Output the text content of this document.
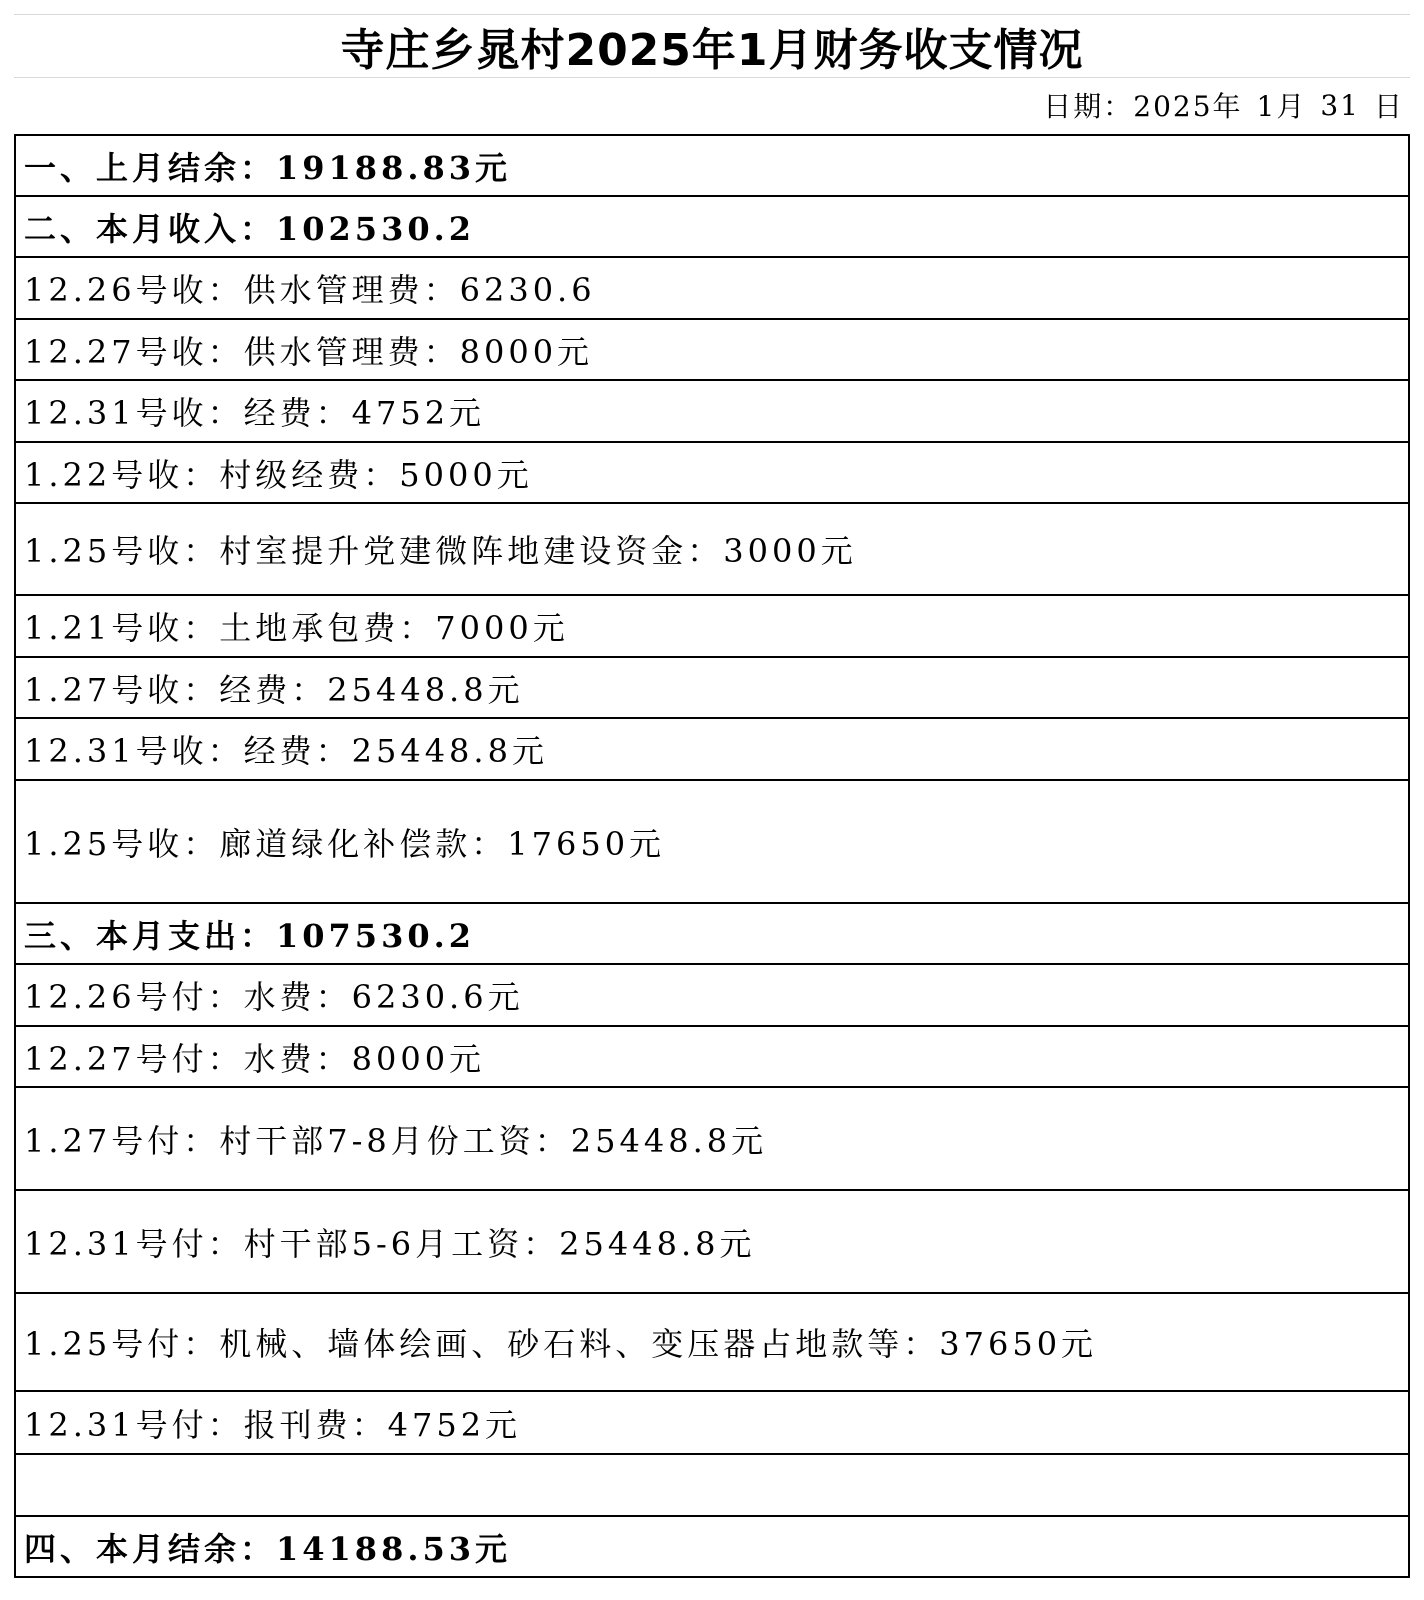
寺庄乡晁村2025年1月财务收支情况
日期：2025年 1月 31 日
一、上月结余：19188.83元
二、本月收入：102530.2
12.26号收：供水管理费：6230.6
12.27号收：供水管理费：8000元
12.31号收：经费：4752元
1.22号收：村级经费：5000元
1.25号收：村室提升党建微阵地建设资金：3000元
1.21号收：土地承包费：7000元
1.27号收：经费：25448.8元
12.31号收：经费：25448.8元
1.25号收：廊道绿化补偿款：17650元
三、本月支出：107530.2
12.26号付：水费：6230.6元
12.27号付：水费：8000元
1.27号付：村干部7-8月份工资：25448.8元
12.31号付：村干部5-6月工资：25448.8元
1.25号付：机械、墙体绘画、砂石料、变压器占地款等：37650元
12.31号付：报刊费：4752元
四、本月结余：14188.53元
